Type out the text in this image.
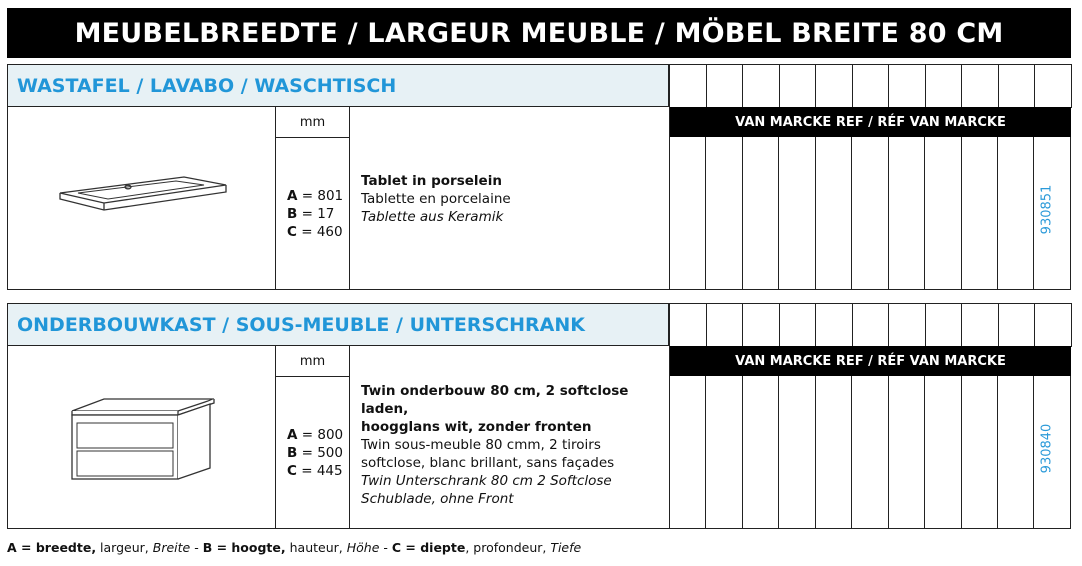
MEUBELBREEDTE / LARGEUR MEUBLE / MÖBEL BREITE 80 CM
WASTAFEL / LAVABO / WASCHTISCH
mm
A = 801
B = 17
C = 460
Tablet in porselein
Tablette en porcelaine
Tablette aus Keramik
VAN MARCKE REF / RÉF VAN MARCKE
930851
ONDERBOUWKAST / SOUS-MEUBLE / UNTERSCHRANK
mm
A = 800
B = 500
C = 445
Twin onderbouw 80 cm, 2 softclose laden,
hoogglans wit, zonder fronten
Twin sous-meuble 80 cmm, 2 tiroirs
softclose, blanc brillant, sans façades
Twin Unterschrank 80 cm 2 Softclose
Schublade, ohne Front
VAN MARCKE REF / RÉF VAN MARCKE
930840
A = breedte, largeur, Breite - B = hoogte, hauteur, Höhe - C = diepte, profondeur, Tiefe
